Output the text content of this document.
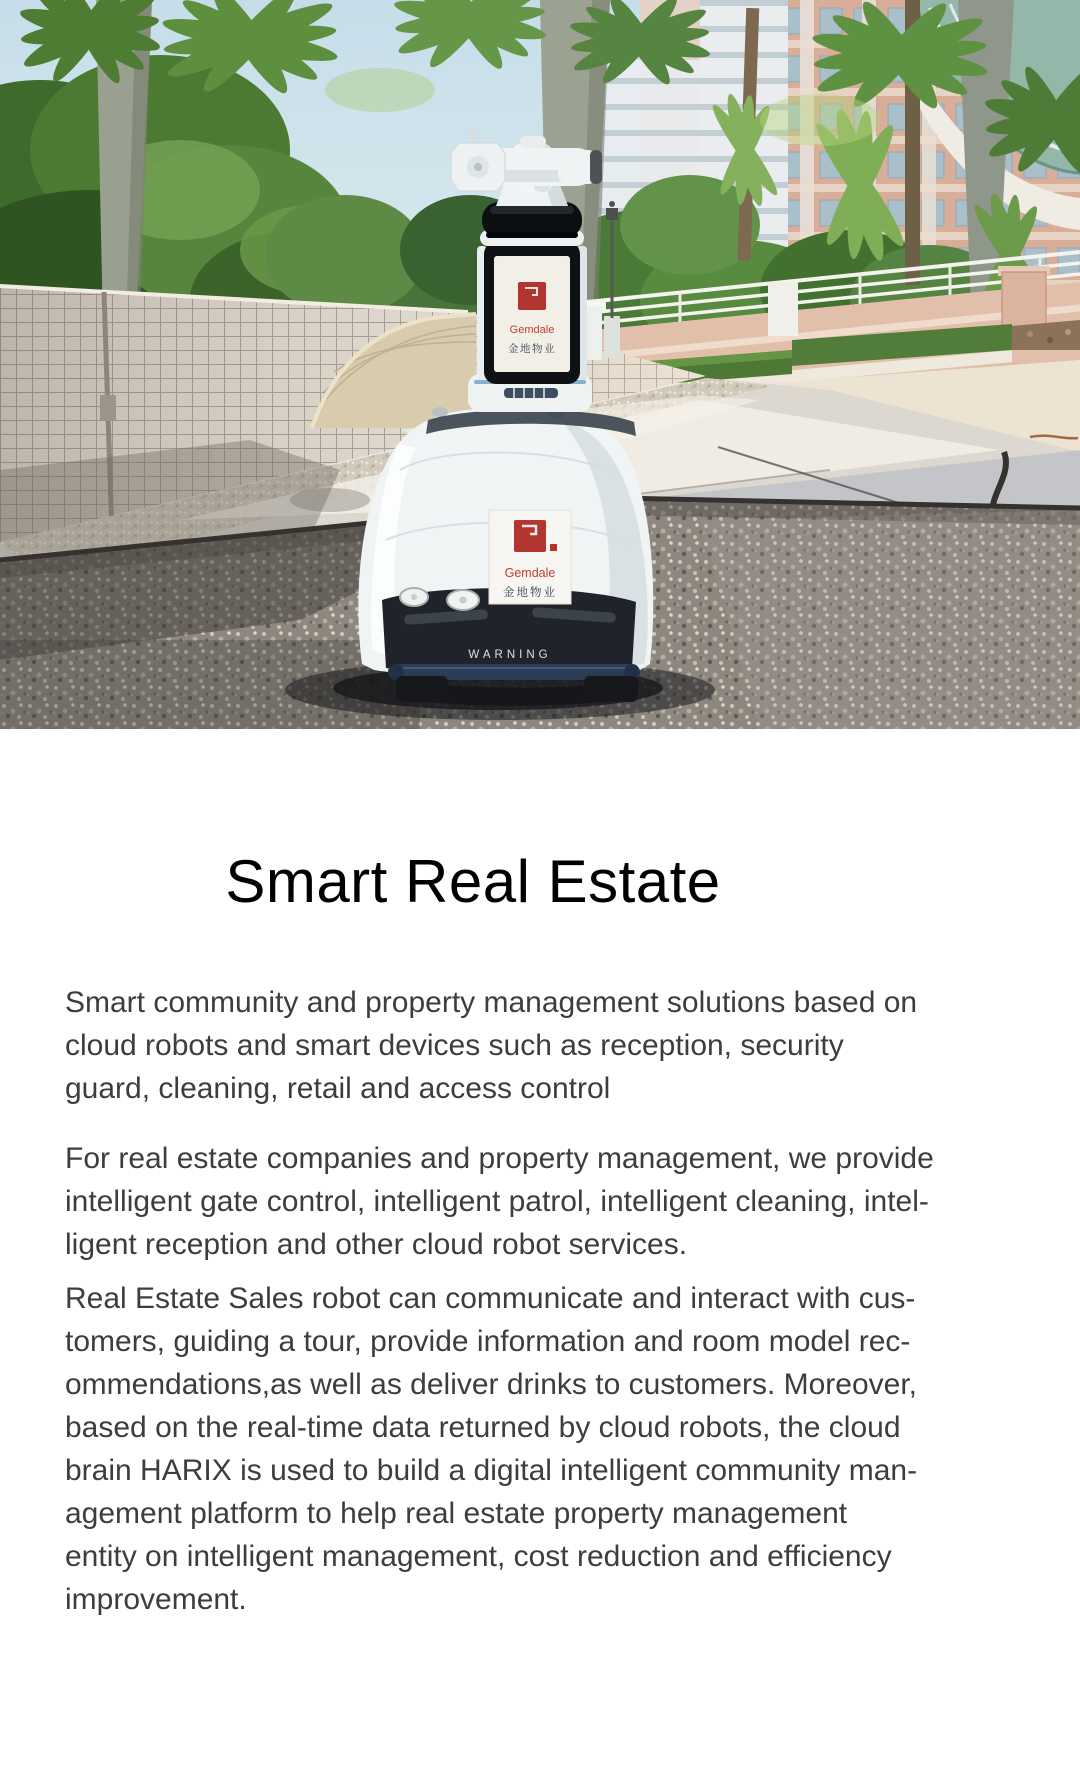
WARNING
Gemdale
金地物业
Gemdale
金地物业
Smart Real Estate
Smart community and property management solutions based on
cloud robots and smart devices such as reception, security
guard, cleaning, retail and access control
For real estate companies and property management, we provide
intelligent gate control, intelligent patrol, intelligent cleaning, intel-
ligent reception and other cloud robot services.
Real Estate Sales robot can communicate and interact with cus-
tomers, guiding a tour, provide information and room model rec-
ommendations,as well as deliver drinks to customers. Moreover,
based on the real-time data returned by cloud robots, the cloud
brain HARIX is used to build a digital intelligent community man-
agement platform to help real estate property management
entity on intelligent management, cost reduction and efficiency
improvement.
